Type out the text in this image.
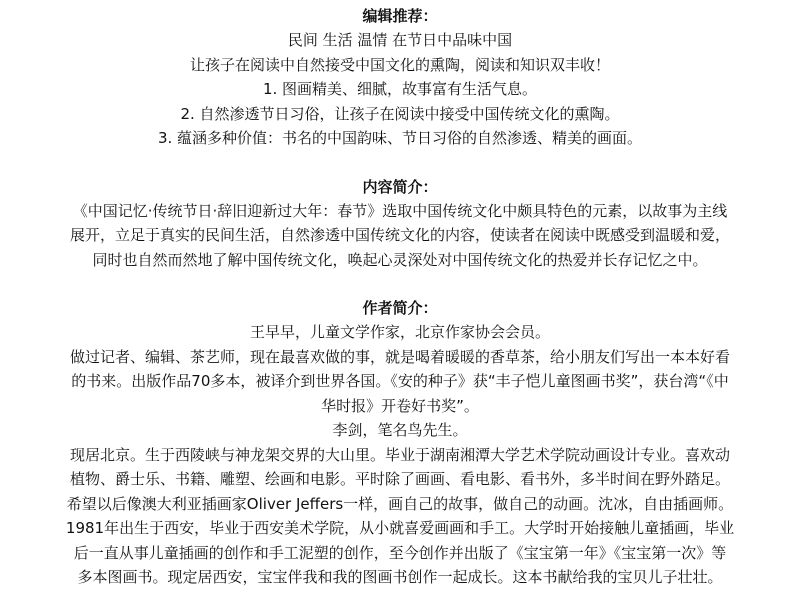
编辑推荐：

民间 生活 温情 在节日中品味中国

让孩子在阅读中自然接受中国文化的熏陶，阅读和知识双丰收！

1. 图画精美、细腻，故事富有生活气息。

2. 自然渗透节日习俗，让孩子在阅读中接受中国传统文化的熏陶。

3. 蕴涵多种价值：书名的中国韵味、节日习俗的自然渗透、精美的画面。

内容简介：

《中国记忆·传统节日·辞旧迎新过大年：春节》选取中国传统文化中颇具特色的元素，以故事为主线

展开，立足于真实的民间生活，自然渗透中国传统文化的内容，使读者在阅读中既感受到温暖和爱，

同时也自然而然地了解中国传统文化，唤起心灵深处对中国传统文化的热爱并长存记忆之中。

作者简介：

王早早，儿童文学作家，北京作家协会会员。

做过记者、编辑、茶艺师，现在最喜欢做的事，就是喝着暖暖的香草茶，给小朋友们写出一本本好看

的书来。出版作品70多本，被译介到世界各国。《安的种子》获“丰子恺儿童图画书奖”，获台湾“《中

华时报》开卷好书奖”。

李剑，笔名鸟先生。

现居北京。生于西陵峡与神龙架交界的大山里。毕业于湖南湘潭大学艺术学院动画设计专业。喜欢动

植物、爵士乐、书籍、雕塑、绘画和电影。平时除了画画、看电影、看书外，多半时间在野外踏足。

希望以后像澳大利亚插画家Oliver Jeffers一样，画自己的故事，做自己的动画。沈冰，自由插画师。

1981年出生于西安，毕业于西安美术学院，从小就喜爱画画和手工。大学时开始接触儿童插画，毕业

后一直从事儿童插画的创作和手工泥塑的创作，至今创作并出版了《宝宝第一年》《宝宝第一次》等

多本图画书。现定居西安，宝宝伴我和我的图画书创作一起成长。这本书献给我的宝贝儿子壮壮。
